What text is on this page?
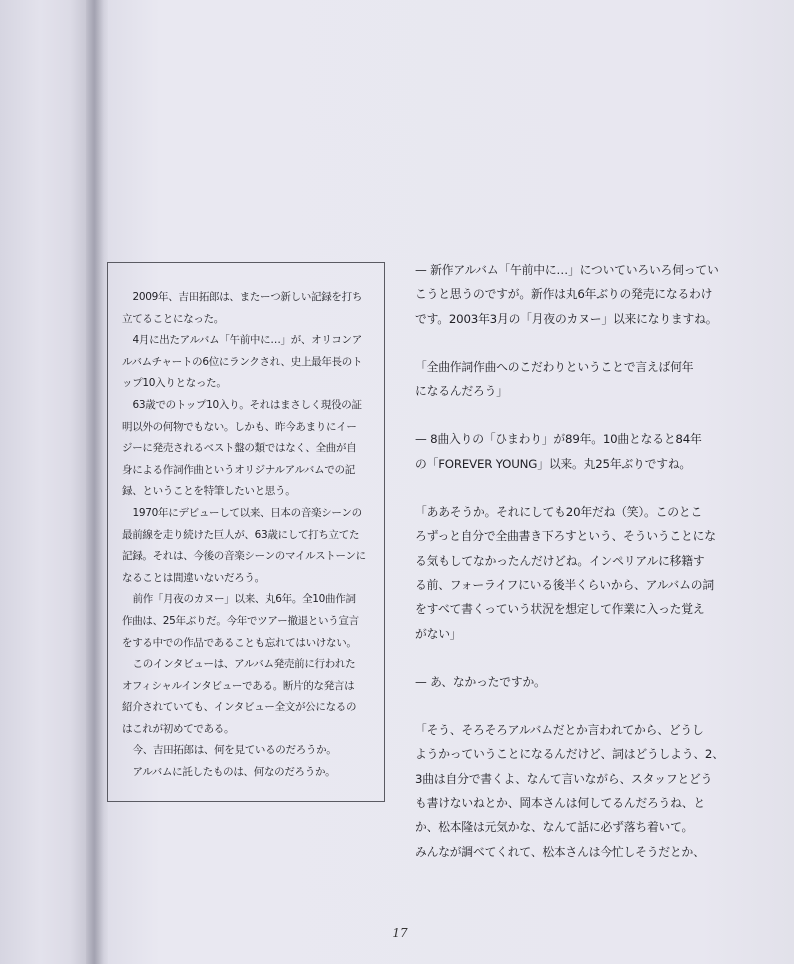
2009年、吉田拓郎は、またーつ新しい記録を打ち
立てることになった。

4月に出たアルバム「午前中に…」が、オリコンア
ルバムチャートの6位にランクされ、史上最年長のト
ップ10入りとなった。

63歳でのトップ10入り。それはまさしく現役の証
明以外の何物でもない。しかも、昨今あまりにイー
ジーに発売されるベスト盤の類ではなく、全曲が自
身による作詞作曲というオリジナルアルバムでの記
録、ということを特筆したいと思う。

1970年にデビューして以来、日本の音楽シーンの
最前線を走り続けた巨人が、63歳にして打ち立てた
記録。それは、今後の音楽シーンのマイルストーンに
なることは間違いないだろう。

前作「月夜のカヌー」以来、丸6年。全10曲作詞
作曲は、25年ぶりだ。今年でツアー撤退という宣言
をする中での作品であることも忘れてはいけない。

このインタビューは、アルバム発売前に行われた
オフィシャルインタビューである。断片的な発言は
紹介されていても、インタビュー全文が公になるの
はこれが初めてである。

今、吉田拓郎は、何を見ているのだろうか。

アルバムに託したものは、何なのだろうか。

— 新作アルバム「午前中に…」についていろいろ伺ってい
こうと思うのですが。新作は丸6年ぶりの発売になるわけ
です。2003年3月の「月夜のカヌー」以来になりますね。

「全曲作詞作曲へのこだわりということで言えば何年
になるんだろう」

— 8曲入りの「ひまわり」が89年。10曲となると84年
の「FOREVER YOUNG」以来。丸25年ぶりですね。

「ああそうか。それにしても20年だね（笑）。このとこ
ろずっと自分で全曲書き下ろすという、そういうことにな
る気もしてなかったんだけどね。インペリアルに移籍す
る前、フォーライフにいる後半くらいから、アルバムの詞
をすべて書くっていう状況を想定して作業に入った覚え
がない」

— あ、なかったですか。

「そう、そろそろアルバムだとか言われてから、どうし
ようかっていうことになるんだけど、詞はどうしよう、2、
3曲は自分で書くよ、なんて言いながら、スタッフとどう
も書けないねとか、岡本さんは何してるんだろうね、と
か、松本隆は元気かな、なんて話に必ず落ち着いて。
みんなが調べてくれて、松本さんは今忙しそうだとか、

17
